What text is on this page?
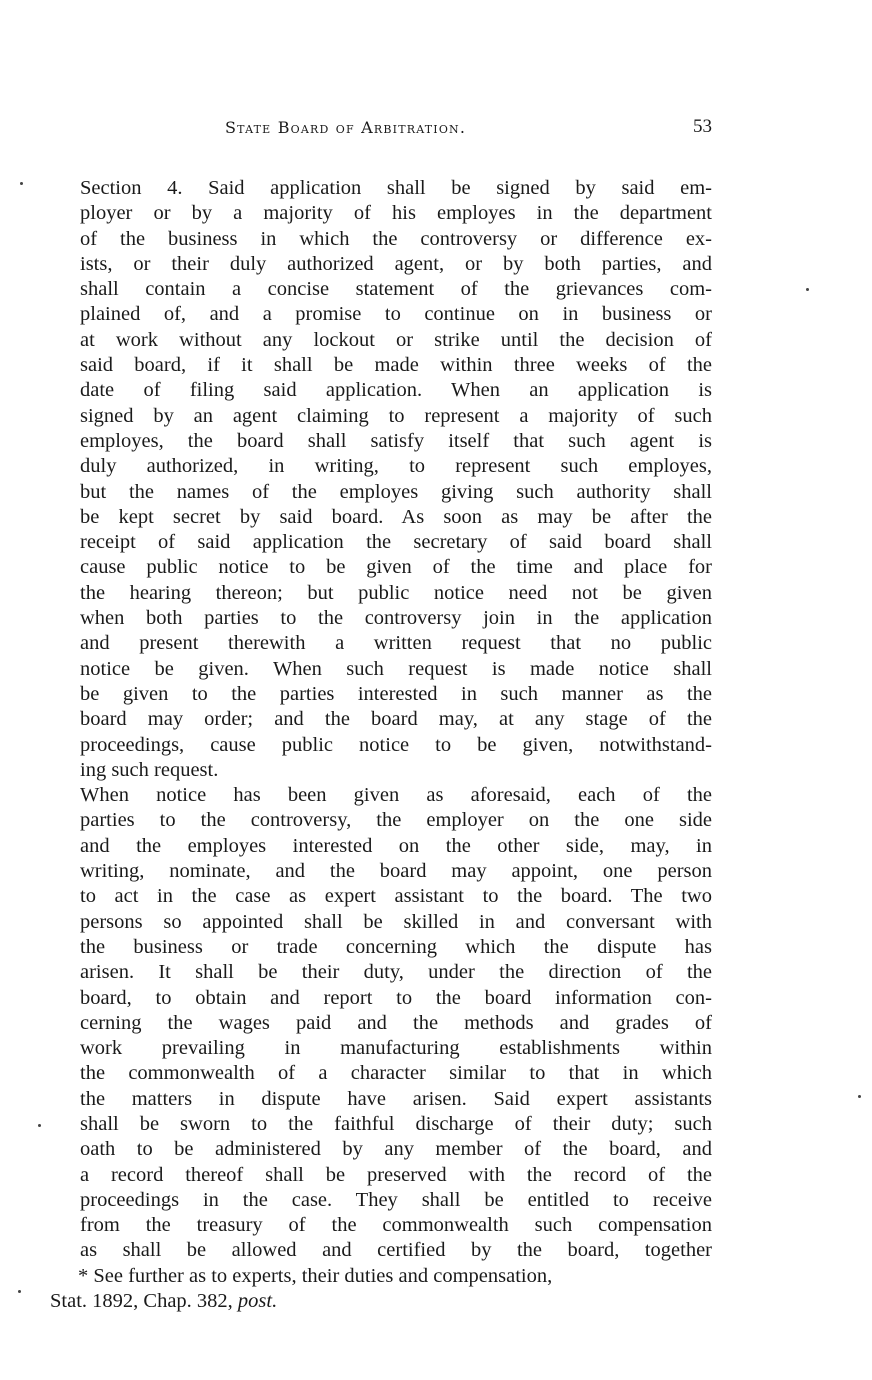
State Board of Arbitration.	53

Section 4. Said application shall be signed by said em-
ployer or by a majority of his employes in the department
of the business in which the controversy or difference ex-
ists, or their duly authorized agent, or by both parties, and
shall contain a concise statement of the grievances com-
plained of, and a promise to continue on in business or
at work without any lockout or strike until the decision of
said board, if it shall be made within three weeks of the
date of filing said application. When an application is
signed by an agent claiming to represent a majority of such
employes, the board shall satisfy itself that such agent is
duly authorized, in writing, to represent such employes,
but the names of the employes giving such authority shall
be kept secret by said board. As soon as may be after the
receipt of said application the secretary of said board shall
cause public notice to be given of the time and place for
the hearing thereon; but public notice need not be given
when both parties to the controversy join in the application
and present therewith a written request that no public
notice be given. When such request is made notice shall
be given to the parties interested in such manner as the
board may order; and the board may, at any stage of the
proceedings, cause public notice to be given, notwithstand-
ing such request.

When notice has been given as aforesaid, each of the
parties to the controversy, the employer on the one side
and the employes interested on the other side, may, in
writing, nominate, and the board may appoint, one person
to act in the case as expert assistant to the board. The two
persons so appointed shall be skilled in and conversant with
the business or trade concerning which the dispute has
arisen. It shall be their duty, under the direction of the
board, to obtain and report to the board information con-
cerning the wages paid and the methods and grades of
work prevailing in manufacturing establishments within
the commonwealth of a character similar to that in which
the matters in dispute have arisen. Said expert assistants
shall be sworn to the faithful discharge of their duty; such
oath to be administered by any member of the board, and
a record thereof shall be preserved with the record of the
proceedings in the case. They shall be entitled to receive
from the treasury of the commonwealth such compensation
as shall be allowed and certified by the board, together

* See further as to experts, their duties and compensation,
Stat. 1892, Chap. 382, post.
